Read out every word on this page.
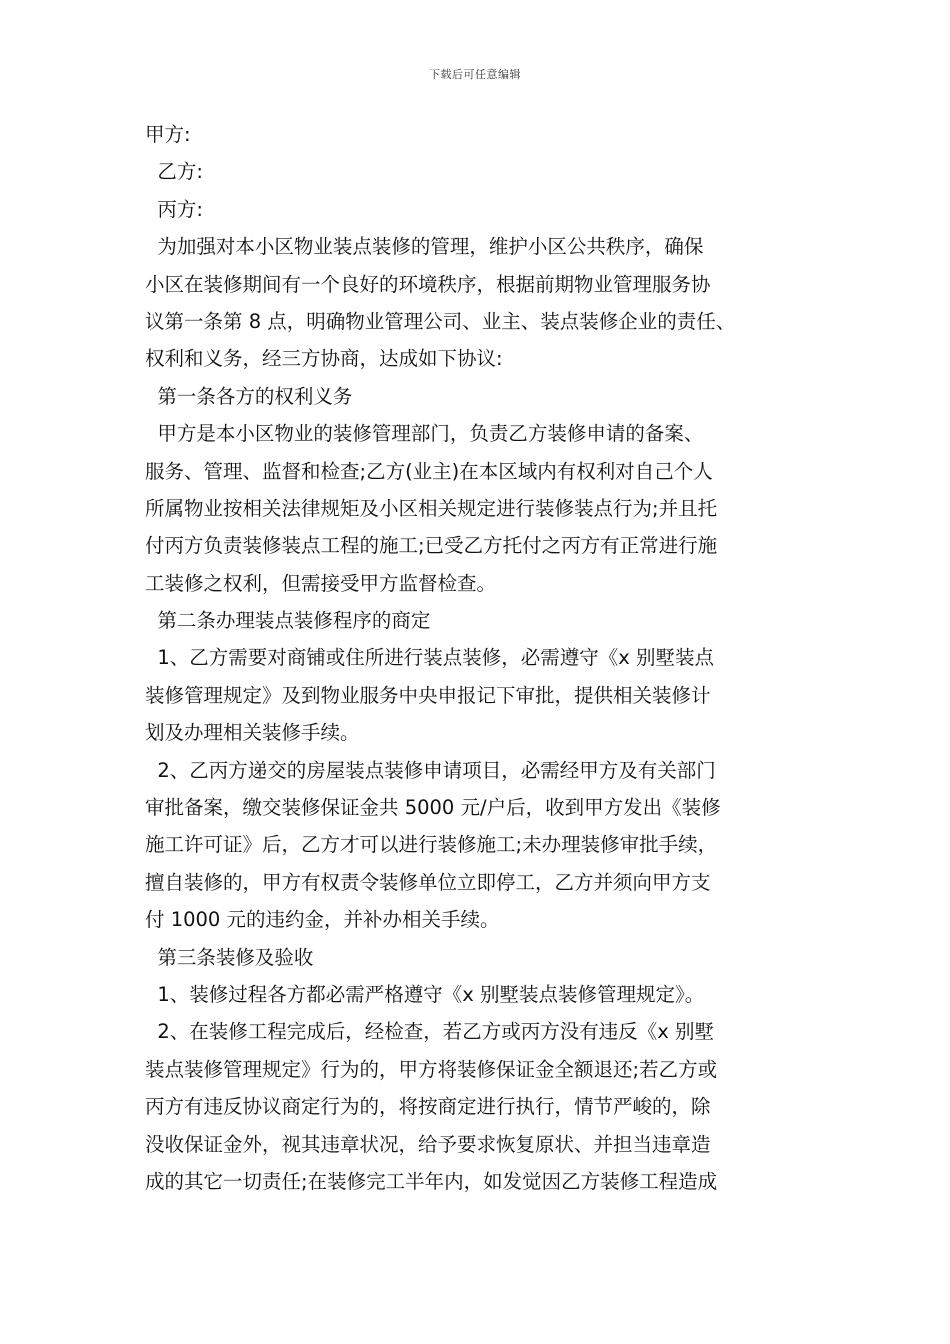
下载后可任意编辑
甲方:
乙方:
丙方:
为加强对本小区物业装点装修的管理，维护小区公共秩序，确保
小区在装修期间有一个良好的环境秩序，根据前期物业管理服务协
议第一条第 8 点，明确物业管理公司、业主、装点装修企业的责任、
权利和义务，经三方协商，达成如下协议:
第一条各方的权利义务
甲方是本小区物业的装修管理部门，负责乙方装修申请的备案、
服务、管理、监督和检查;乙方(业主)在本区域内有权利对自己个人
所属物业按相关法律规矩及小区相关规定进行装修装点行为;并且托
付丙方负责装修装点工程的施工;已受乙方托付之丙方有正常进行施
工装修之权利，但需接受甲方监督检查。
第二条办理装点装修程序的商定
1、乙方需要对商铺或住所进行装点装修，必需遵守《x 别墅装点
装修管理规定》及到物业服务中央申报记下审批，提供相关装修计
划及办理相关装修手续。
2、乙丙方递交的房屋装点装修申请项目，必需经甲方及有关部门
审批备案，缴交装修保证金共 5000 元/户后，收到甲方发出《装修
施工许可证》后，乙方才可以进行装修施工;未办理装修审批手续，
擅自装修的，甲方有权责令装修单位立即停工，乙方并须向甲方支
付 1000 元的违约金，并补办相关手续。
第三条装修及验收
1、装修过程各方都必需严格遵守《x 别墅装点装修管理规定》。
2、在装修工程完成后，经检查，若乙方或丙方没有违反《x 别墅
装点装修管理规定》行为的，甲方将装修保证金全额退还;若乙方或
丙方有违反协议商定行为的，将按商定进行执行，情节严峻的，除
没收保证金外，视其违章状况，给予要求恢复原状、并担当违章造
成的其它一切责任;在装修完工半年内，如发觉因乙方装修工程造成
